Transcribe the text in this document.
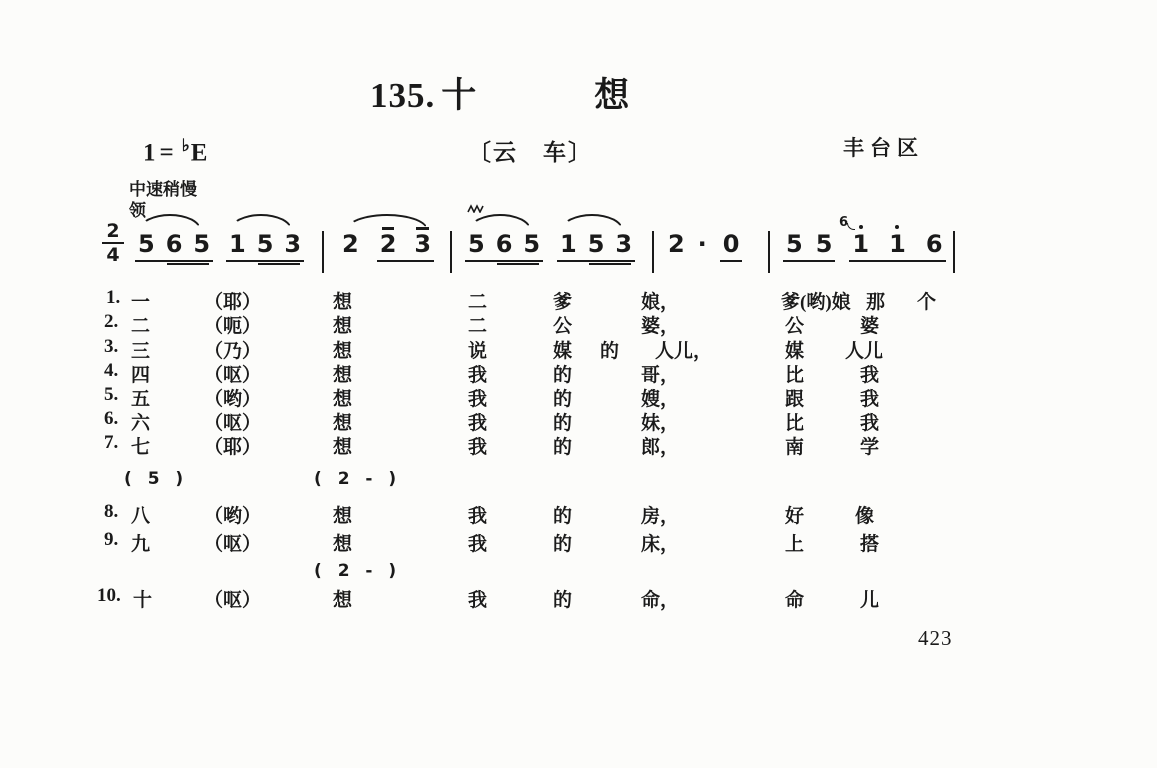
135. 十	想
1 = ♭E	〔云　车〕	丰台区
中速稍慢
领
2
4 5 6 5 1 5 3 2 2 3 5 6 5 1 5 3 2 · 0 5 5
6
1 1 6
1. 一	（耶）	想	二	爹	娘，	爹(哟)娘 那 个
2. 二	（呃）	想	二	公	婆，	公	婆
3. 三	（乃）	想	说	媒 的 人儿，	媒 人儿
4. 四	（呕）	想	我	的	哥，	比	我
5. 五	（哟）	想	我	的	嫂，	跟	我
6. 六	（呕）	想	我	的	妹，	比	我
7. 七	（耶）	想	我	的	郎，	南	学
( 5 )	( 2 - )
8. 八	（哟）	想	我	的	房，	好	像
9. 九	（呕）	想	我	的	床，	上	搭
( 2 - )
10. 十	（呕）	想	我	的	命，	命	儿
423
